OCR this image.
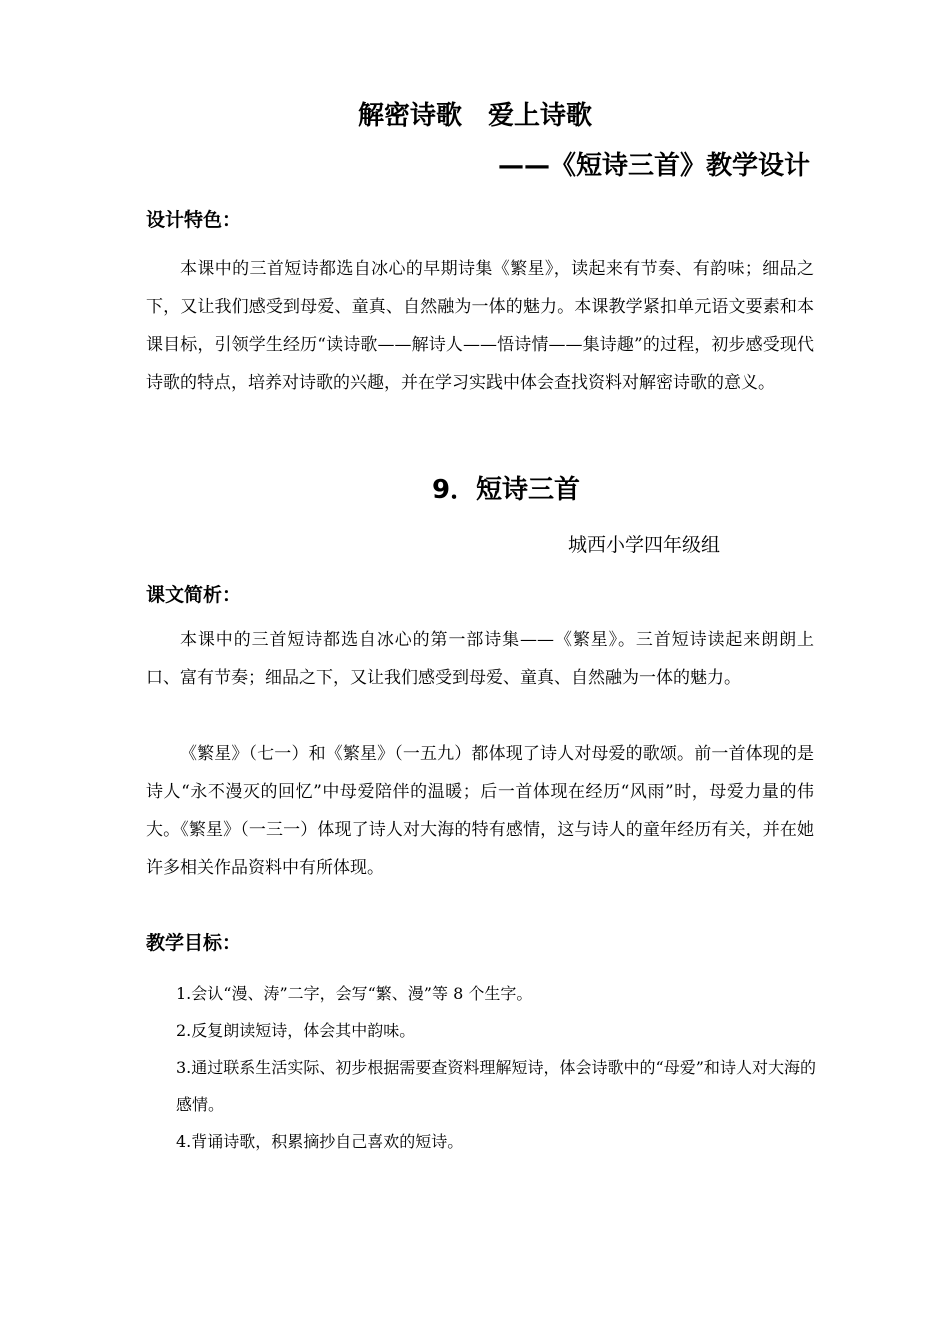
解密诗歌　爱上诗歌
——《短诗三首》教学设计
设计特色：

本课中的三首短诗都选自冰心的早期诗集《繁星》，读起来有节奏、有韵味；细品之下，又让我们感受到母爱、童真、自然融为一体的魅力。本课教学紧扣单元语文要素和本课目标，引领学生经历“读诗歌——解诗人——悟诗情——集诗趣”的过程，初步感受现代诗歌的特点，培养对诗歌的兴趣，并在学习实践中体会查找资料对解密诗歌的意义。

9．短诗三首
城西小学四年级组
课文简析：

本课中的三首短诗都选自冰心的第一部诗集——《繁星》。三首短诗读起来朗朗上口、富有节奏；细品之下，又让我们感受到母爱、童真、自然融为一体的魅力。

《繁星》（七一）和《繁星》（一五九）都体现了诗人对母爱的歌颂。前一首体现的是诗人“永不漫灭的回忆”中母爱陪伴的温暖；后一首体现在经历“风雨”时，母爱力量的伟大。《繁星》（一三一）体现了诗人对大海的特有感情，这与诗人的童年经历有关，并在她许多相关作品资料中有所体现。

教学目标：
1.会认“漫、涛”二字，会写“繁、漫”等 8 个生字。
2.反复朗读短诗，体会其中韵味。
3.通过联系生活实际、初步根据需要查资料理解短诗，体会诗歌中的“母爱”和诗人对大海的感情。
4.背诵诗歌，积累摘抄自己喜欢的短诗。
